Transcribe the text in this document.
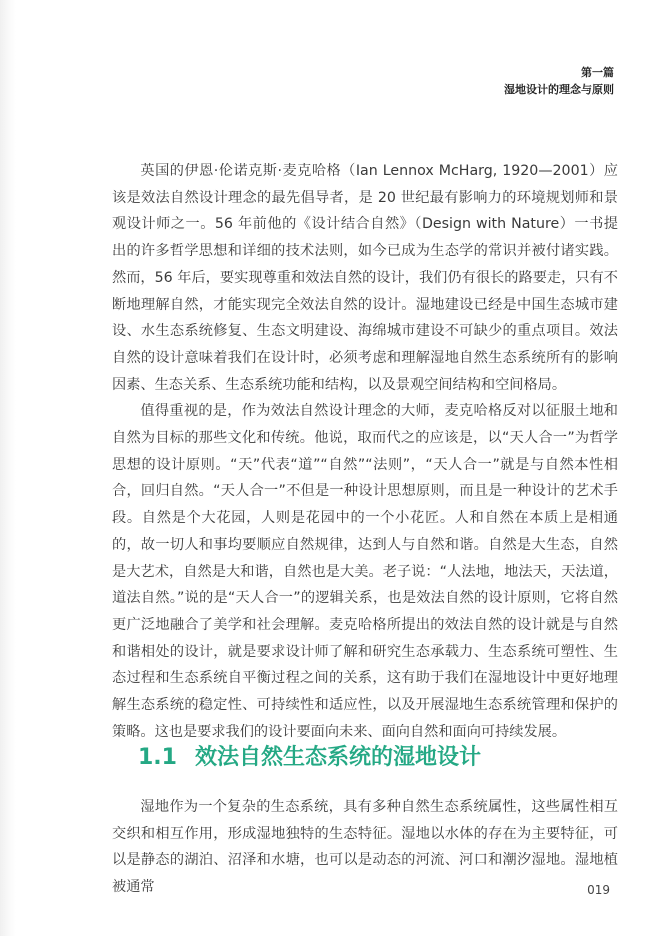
第一篇
湿地设计的理念与原则

英国的伊恩·伦诺克斯·麦克哈格（Ian Lennox McHarg, 1920—2001）应该是效法自然设计理念的最先倡导者，是 20 世纪最有影响力的环境规划师和景观设计师之一。56 年前他的《设计结合自然》（Design with Nature）一书提出的许多哲学思想和详细的技术法则，如今已成为生态学的常识并被付诸实践。然而，56 年后，要实现尊重和效法自然的设计，我们仍有很长的路要走，只有不断地理解自然，才能实现完全效法自然的设计。湿地建设已经是中国生态城市建设、水生态系统修复、生态文明建设、海绵城市建设不可缺少的重点项目。效法自然的设计意味着我们在设计时，必须考虑和理解湿地自然生态系统所有的影响因素、生态关系、生态系统功能和结构，以及景观空间结构和空间格局。

值得重视的是，作为效法自然设计理念的大师，麦克哈格反对以征服土地和自然为目标的那些文化和传统。他说，取而代之的应该是，以“天人合一”为哲学思想的设计原则。“天”代表“道”“自然”“法则”，“天人合一”就是与自然本性相合，回归自然。“天人合一”不但是一种设计思想原则，而且是一种设计的艺术手段。自然是个大花园，人则是花园中的一个小花匠。人和自然在本质上是相通的，故一切人和事均要顺应自然规律，达到人与自然和谐。自然是大生态，自然是大艺术，自然是大和谐，自然也是大美。老子说：“人法地，地法天，天法道，道法自然。”说的是“天人合一”的逻辑关系，也是效法自然的设计原则，它将自然更广泛地融合了美学和社会理解。麦克哈格所提出的效法自然的设计就是与自然和谐相处的设计，就是要求设计师了解和研究生态承载力、生态系统可塑性、生态过程和生态系统自平衡过程之间的关系，这有助于我们在湿地设计中更好地理解生态系统的稳定性、可持续性和适应性，以及开展湿地生态系统管理和保护的策略。这也是要求我们的设计要面向未来、面向自然和面向可持续发展。

1.1 效法自然生态系统的湿地设计

湿地作为一个复杂的生态系统，具有多种自然生态系统属性，这些属性相互交织和相互作用，形成湿地独特的生态特征。湿地以水体的存在为主要特征，可以是静态的湖泊、沼泽和水塘，也可以是动态的河流、河口和潮汐湿地。湿地植被通常	019
